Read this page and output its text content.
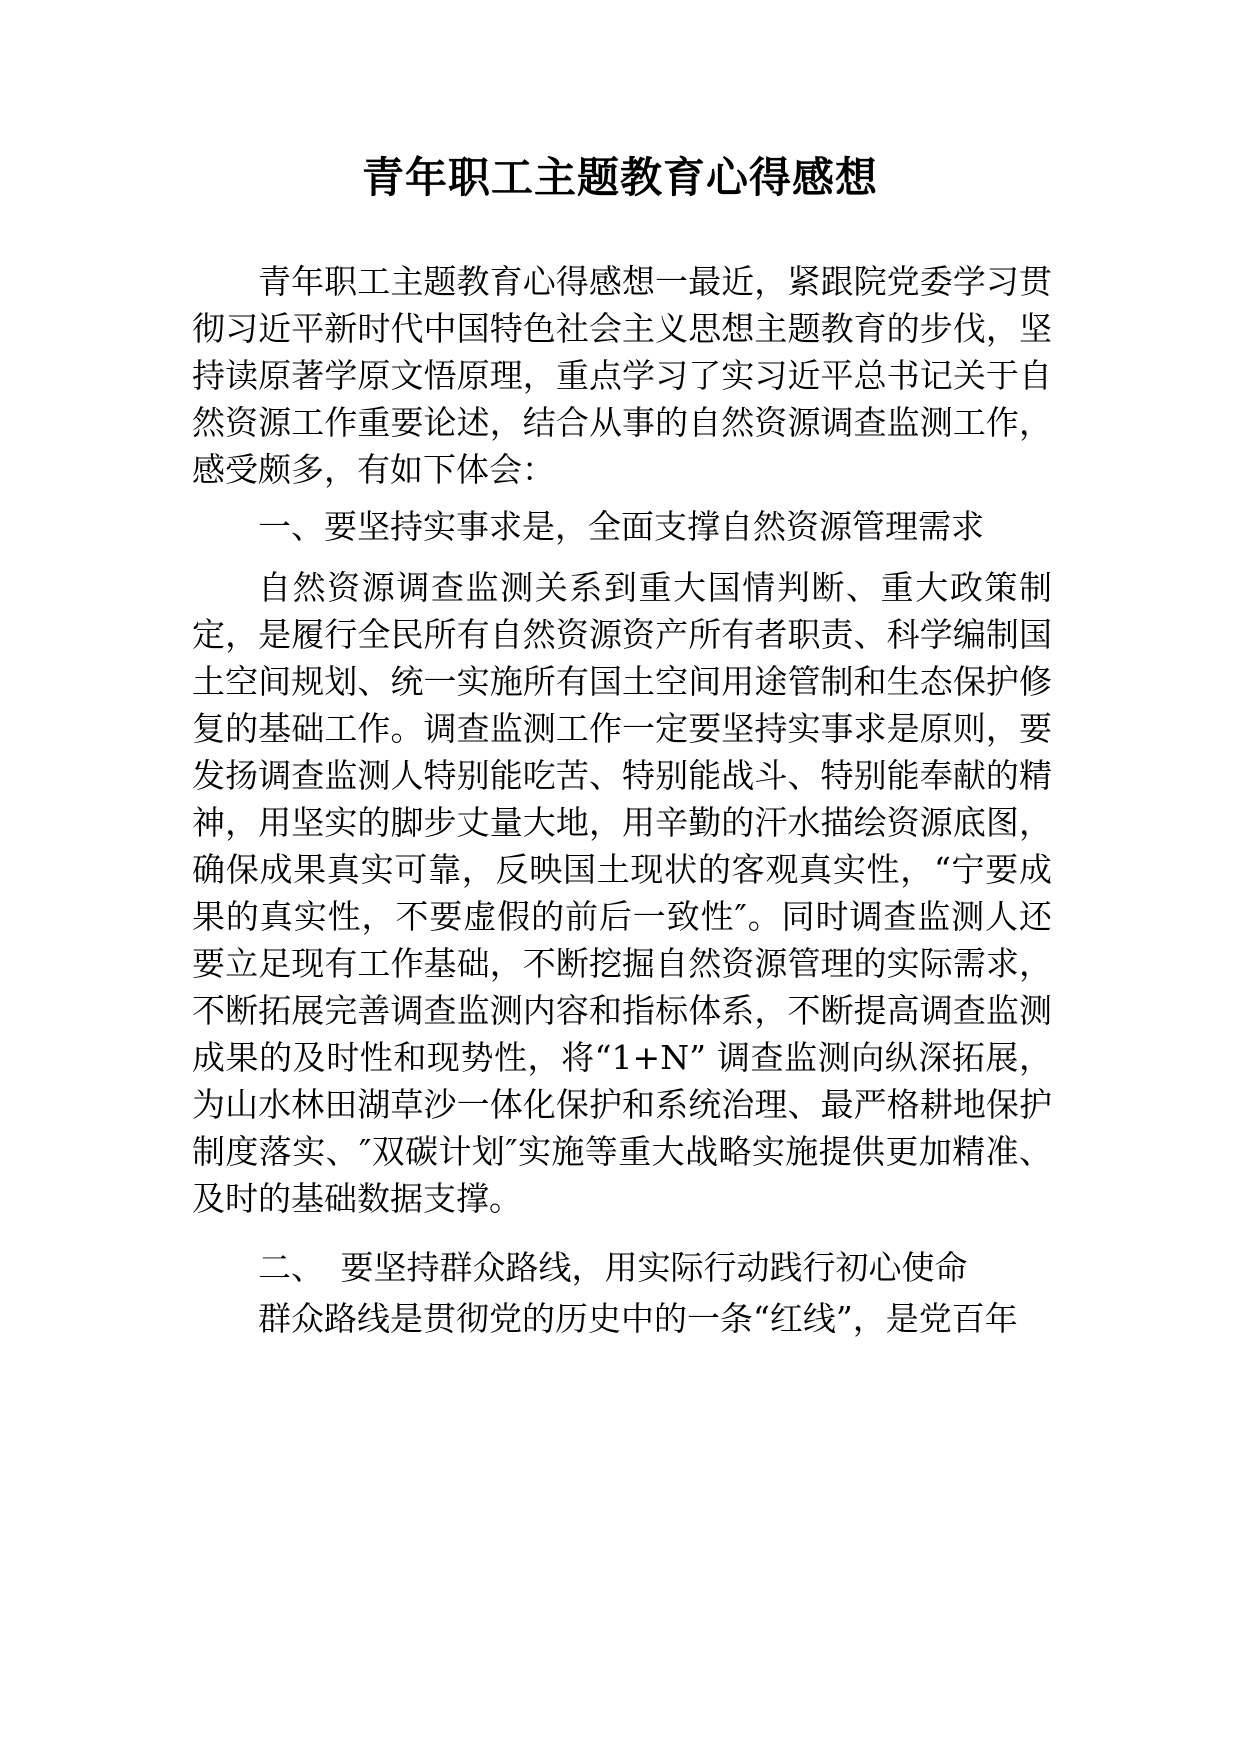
青年职工主题教育心得感想

青年职工主题教育心得感想一最近，紧跟院党委学习贯彻习近平新时代中国特色社会主义思想主题教育的步伐，坚持读原著学原文悟原理，重点学习了实习近平总书记关于自然资源工作重要论述，结合从事的自然资源调查监测工作，感受颇多，有如下体会：

一、要坚持实事求是，全面支撑自然资源管理需求

自然资源调查监测关系到重大国情判断、重大政策制定，是履行全民所有自然资源资产所有者职责、科学编制国土空间规划、统一实施所有国土空间用途管制和生态保护修复的基础工作。调查监测工作一定要坚持实事求是原则，要发扬调查监测人特别能吃苦、特别能战斗、特别能奉献的精神，用坚实的脚步丈量大地，用辛勤的汗水描绘资源底图，确保成果真实可靠，反映国土现状的客观真实性，“宁要成果的真实性，不要虚假的前后一致性″。同时调查监测人还要立足现有工作基础，不断挖掘自然资源管理的实际需求，不断拓展完善调查监测内容和指标体系，不断提高调查监测成果的及时性和现势性，将“1+N” 调查监测向纵深拓展，为山水林田湖草沙一体化保护和系统治理、最严格耕地保护制度落实、″双碳计划″实施等重大战略实施提供更加精准、及时的基础数据支撑。

二、　要坚持群众路线，用实际行动践行初心使命

群众路线是贯彻党的历史中的一条“红线”，是党百年
